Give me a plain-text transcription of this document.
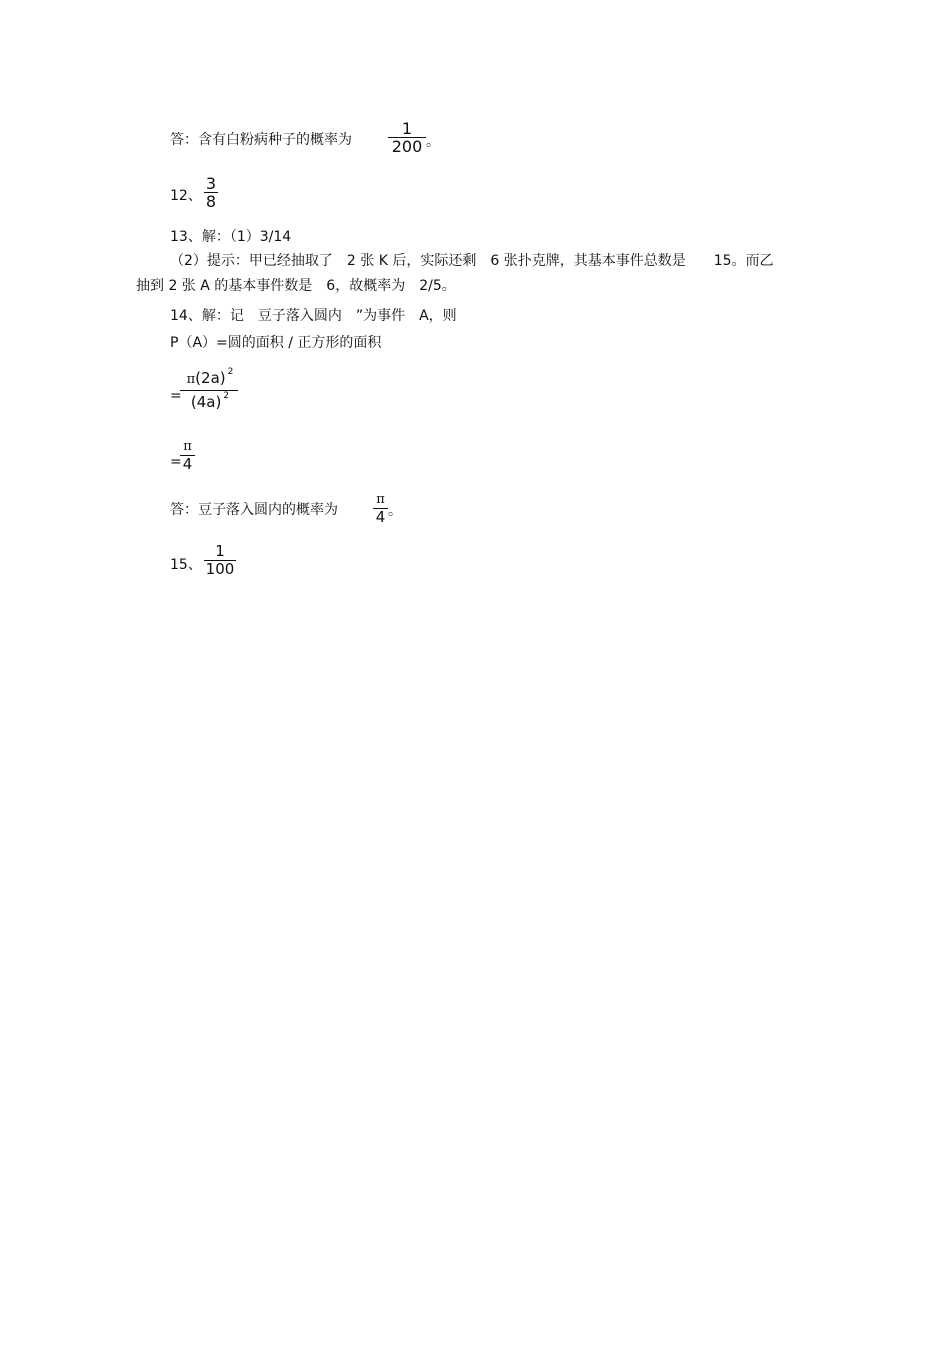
答：含有白粉病种子的概率为
1
200 。
12、
3
8
13、解：（1）3/14
（2）提示：甲已经抽取了　2 张 K 后，实际还剩　6 张扑克牌，其基本事件总数是　　15。而乙
抽到 2 张 A 的基本事件数是　6，故概率为　2/5。
14、解：记　豆子落入圆内　”为事件　A，则
P（A）=圆的面积 / 正方形的面积
=
π(2a) $^2$
(4a) $^2$
=
π
4
答：豆子落入圆内的概率为
π
4 。
15、
1
100
